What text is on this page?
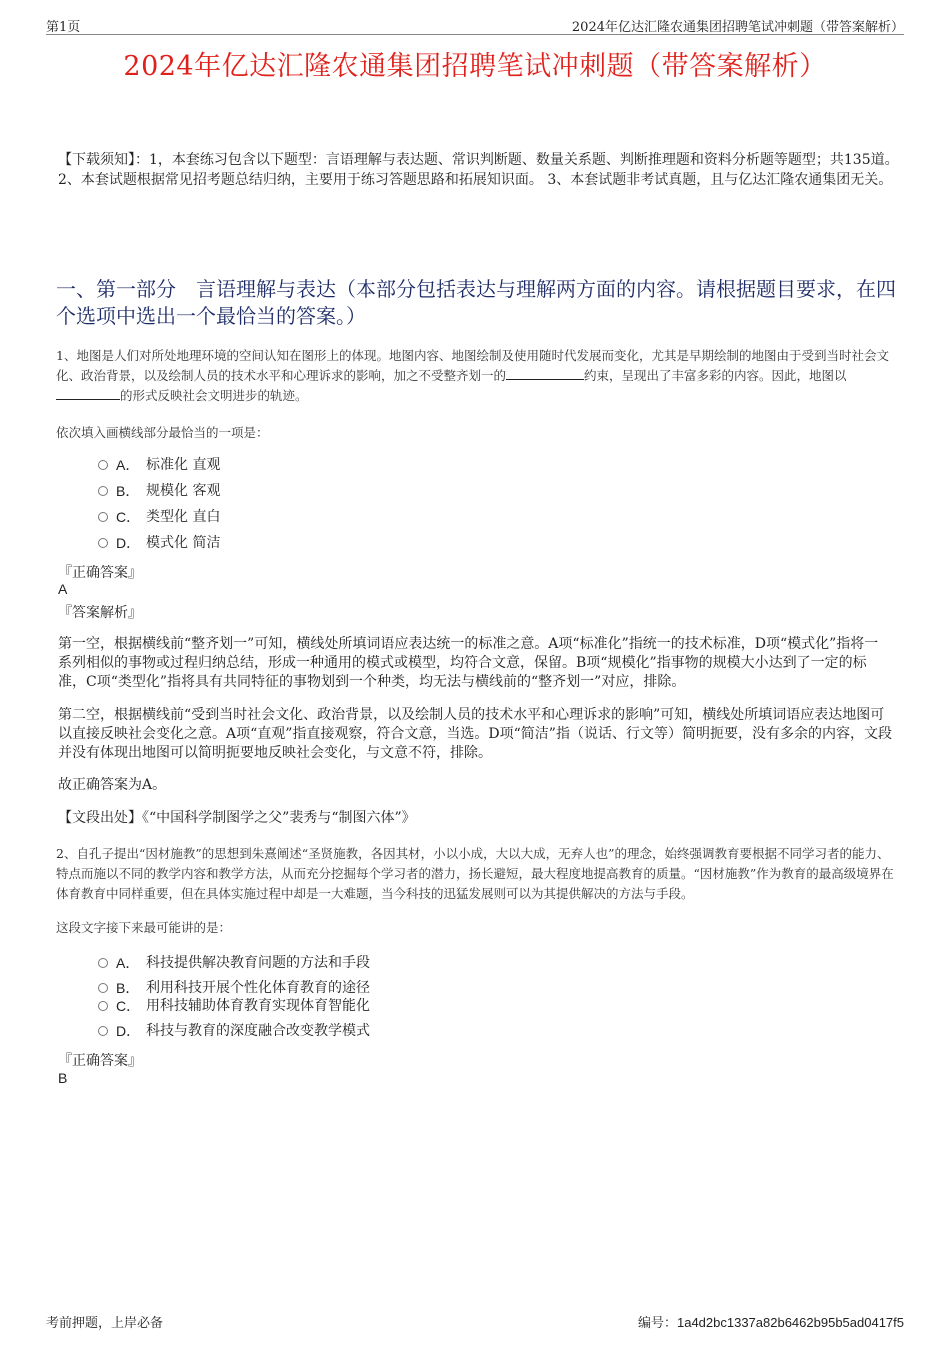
第1页	2024年亿达汇隆农通集团招聘笔试冲刺题（带答案解析）
2024年亿达汇隆农通集团招聘笔试冲刺题（带答案解析）
【下载须知】：1，本套练习包含以下题型：言语理解与表达题、常识判断题、数量关系题、判断推理题和资料分析题等题型；共135道。 2、本套试题根据常见招考题总结归纳，主要用于练习答题思路和拓展知识面。 3、本套试题非考试真题，且与亿达汇隆农通集团无关。
一、第一部分　言语理解与表达（本部分包括表达与理解两方面的内容。请根据题目要求，在四个选项中选出一个最恰当的答案。）
1、地图是人们对所处地理环境的空间认知在图形上的体现。地图内容、地图绘制及使用随时代发展而变化，尤其是早期绘制的地图由于受到当时社会文化、政治背景，以及绘制人员的技术水平和心理诉求的影响，加之不受整齐划一的	约束，呈现出了丰富多彩的内容。因此，地图以的形式反映社会文明进步的轨迹。
依次填入画横线部分最恰当的一项是：
A． 标准化 直观
B． 规模化 客观
C． 类型化 直白
D． 模式化 简洁
『正确答案』
A
『答案解析』
第一空，根据横线前“整齐划一”可知，横线处所填词语应表达统一的标准之意。A项“标准化”指统一的技术标准，D项“模式化”指将一系列相似的事物或过程归纳总结，形成一种通用的模式或模型，均符合文意，保留。B项“规模化”指事物的规模大小达到了一定的标准，C项“类型化”指将具有共同特征的事物划到一个种类，均无法与横线前的“整齐划一”对应，排除。
第二空，根据横线前“受到当时社会文化、政治背景，以及绘制人员的技术水平和心理诉求的影响”可知，横线处所填词语应表达地图可以直接反映社会变化之意。A项“直观”指直接观察，符合文意，当选。D项“简洁”指（说话、行文等）简明扼要，没有多余的内容，文段并没有体现出地图可以简明扼要地反映社会变化，与文意不符，排除。
故正确答案为A。
【文段出处】《“中国科学制图学之父”裴秀与“制图六体”》
2、自孔子提出“因材施教”的思想到朱熹阐述“圣贤施教，各因其材，小以小成，大以大成，无弃人也”的理念，始终强调教育要根据不同学习者的能力、特点而施以不同的教学内容和教学方法，从而充分挖掘每个学习者的潜力，扬长避短，最大程度地提高教育的质量。“因材施教”作为教育的最高级境界在体育教育中同样重要，但在具体实施过程中却是一大难题，当今科技的迅猛发展则可以为其提供解决的方法与手段。
这段文字接下来最可能讲的是：
A． 科技提供解决教育问题的方法和手段
B． 利用科技开展个性化体育教育的途径
C． 用科技辅助体育教育实现体育智能化
D． 科技与教育的深度融合改变教学模式
『正确答案』
B
考前押题，上岸必备	编号：1a4d2bc1337a82b6462b95b5ad0417f5
